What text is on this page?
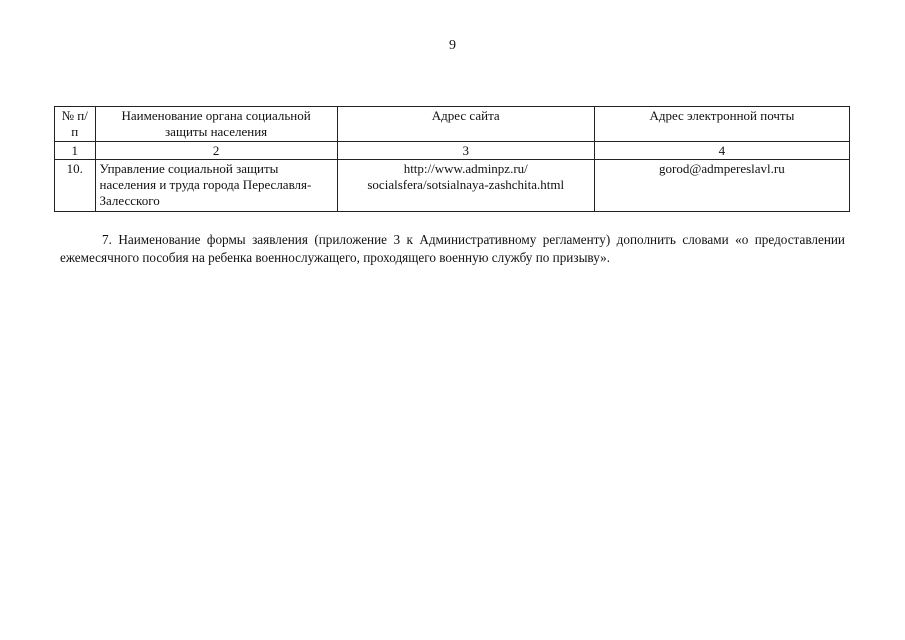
9
№ п/п	Наименование органа социальной защиты населения	Адрес сайта	Адрес электронной почты
1	2	3	4
10.	Управление социальной защиты населения и труда города Переславля-Залесского	http://www.adminpz.ru/ socialsfera/sotsialnaya-zashchita.html	gorod@admpereslavl.ru

7. Наименование формы заявления (приложение 3 к Административному регламенту) дополнить словами «о предоставлении ежемесячного пособия на ребенка военнослужащего, проходящего военную службу по призыву».
